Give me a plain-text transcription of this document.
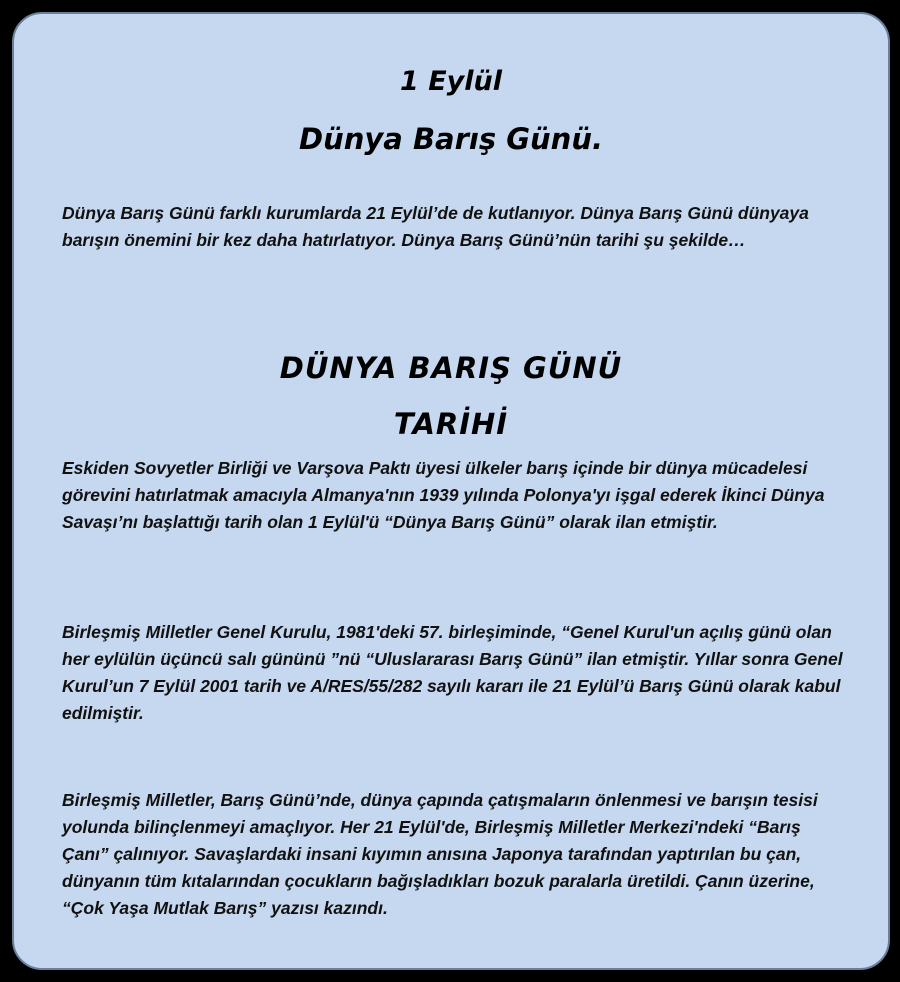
1 Eylül
Dünya Barış Günü.

Dünya Barış Günü farklı kurumlarda 21 Eylül’de de kutlanıyor. Dünya Barış Günü dünyaya barışın önemini bir kez daha hatırlatıyor. Dünya Barış Günü’nün tarihi şu şekilde…

DÜNYA BARIŞ GÜNÜ
TARİHİ

Eskiden Sovyetler Birliği ve Varşova Paktı üyesi ülkeler barış içinde bir dünya mücadelesi görevini hatırlatmak amacıyla Almanya'nın 1939 yılında Polonya'yı işgal ederek İkinci Dünya Savaşı’nı başlattığı tarih olan 1 Eylül'ü “Dünya Barış Günü” olarak ilan etmiştir.

Birleşmiş Milletler Genel Kurulu, 1981'deki 57. birleşiminde, “Genel Kurul'un açılış günü olan her eylülün üçüncü salı gününü ”nü “Uluslararası Barış Günü” ilan etmiştir. Yıllar sonra Genel Kurul’un 7 Eylül 2001 tarih ve A/RES/55/282 sayılı kararı ile 21 Eylül’ü Barış Günü olarak kabul edilmiştir.

Birleşmiş Milletler, Barış Günü’nde, dünya çapında çatışmaların önlenmesi ve barışın tesisi yolunda bilinçlenmeyi amaçlıyor. Her 21 Eylül'de, Birleşmiş Milletler Merkezi'ndeki “Barış Çanı” çalınıyor. Savaşlardaki insani kıyımın anısına Japonya tarafından yaptırılan bu çan, dünyanın tüm kıtalarından çocukların bağışladıkları bozuk paralarla üretildi. Çanın üzerine, “Çok Yaşa Mutlak Barış” yazısı kazındı.
